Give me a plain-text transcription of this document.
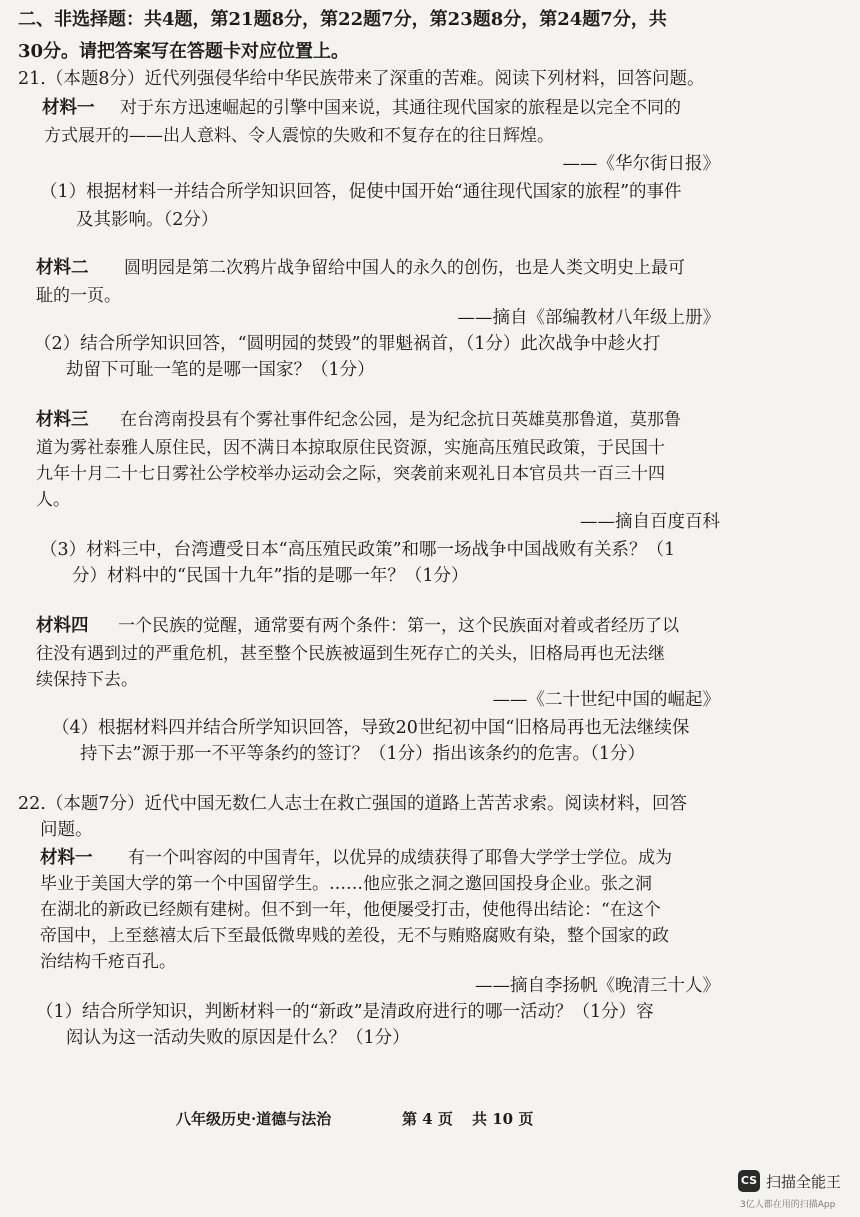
二、非选择题：共4题，第21题8分，第22题7分，第23题8分，第24题7分，共
30分。请把答案写在答题卡对应位置上。
21.（本题8分）近代列强侵华给中华民族带来了深重的苦难。阅读下列材料，回答问题。
材料一 对于东方迅速崛起的引擎中国来说，其通往现代国家的旅程是以完全不同的
方式展开的——出人意料、令人震惊的失败和不复存在的往日辉煌。
——《华尔街日报》
（1）根据材料一并结合所学知识回答，促使中国开始“通往现代国家的旅程”的事件
及其影响。（2分）
材料二 圆明园是第二次鸦片战争留给中国人的永久的创伤，也是人类文明史上最可
耻的一页。
——摘自《部编教材八年级上册》
（2）结合所学知识回答，“圆明园的焚毁”的罪魁祸首，（1分）此次战争中趁火打
劫留下可耻一笔的是哪一国家？（1分）
材料三 在台湾南投县有个雾社事件纪念公园，是为纪念抗日英雄莫那鲁道，莫那鲁
道为雾社泰雅人原住民，因不满日本掠取原住民资源，实施高压殖民政策，于民国十
九年十月二十七日雾社公学校举办运动会之际，突袭前来观礼日本官员共一百三十四
人。
——摘自百度百科
（3）材料三中，台湾遭受日本“高压殖民政策”和哪一场战争中国战败有关系？（1
分）材料中的“民国十九年”指的是哪一年？（1分）
材料四 一个民族的觉醒，通常要有两个条件：第一，这个民族面对着或者经历了以
往没有遇到过的严重危机，甚至整个民族被逼到生死存亡的关头，旧格局再也无法继
续保持下去。
——《二十世纪中国的崛起》
（4）根据材料四并结合所学知识回答，导致20世纪初中国“旧格局再也无法继续保
持下去”源于那一不平等条约的签订？（1分）指出该条约的危害。（1分）
22.（本题7分）近代中国无数仁人志士在救亡强国的道路上苦苦求索。阅读材料，回答
问题。
材料一 有一个叫容闳的中国青年，以优异的成绩获得了耶鲁大学学士学位。成为
毕业于美国大学的第一个中国留学生。……他应张之洞之邀回国投身企业。张之洞
在湖北的新政已经颇有建树。但不到一年，他便屡受打击，使他得出结论：“在这个
帝国中，上至慈禧太后下至最低微卑贱的差役，无不与贿赂腐败有染，整个国家的政
治结构千疮百孔。
——摘自李扬帆《晚清三十人》
（1）结合所学知识，判断材料一的“新政”是清政府进行的哪一活动？（1分）容
闳认为这一活动失败的原因是什么？（1分）
八年级历史·道德与法治	第 4 页 共 10 页
CS 扫描全能王
3亿人都在用的扫描App
